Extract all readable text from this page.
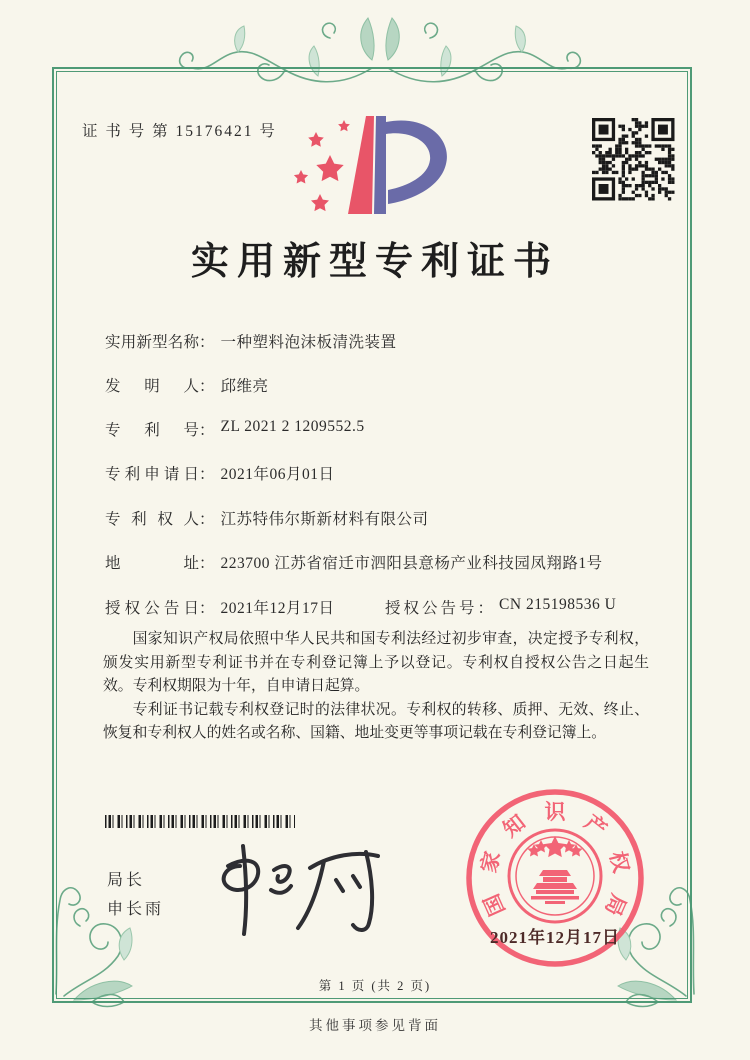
证 书 号 第 15176421 号
实用新型专利证书
实用新型名称： 一种塑料泡沫板清洗装置
发明人： 邱维亮
专利号： ZL 2021 2 1209552.5
专利申请日： 2021年06月01日
专利权人： 江苏特伟尔斯新材料有限公司
地址： 223700 江苏省宿迁市泗阳县意杨产业科技园凤翔路1号
授权公告日： 2021年12月17日	授权公告号： CN 215198536 U

国家知识产权局依照中华人民共和国专利法经过初步审查，决定授予专利权，颁发实用新型专利证书并在专利登记簿上予以登记。专利权自授权公告之日起生效。专利权期限为十年，自申请日起算。

专利证书记载专利权登记时的法律状况。专利权的转移、质押、无效、终止、恢复和专利权人的姓名或名称、国籍、地址变更等事项记载在专利登记簿上。

局长
申长雨	国
家
知 识 产
权
局
2021年12月17日
第 1 页 (共 2 页)
其他事项参见背面
